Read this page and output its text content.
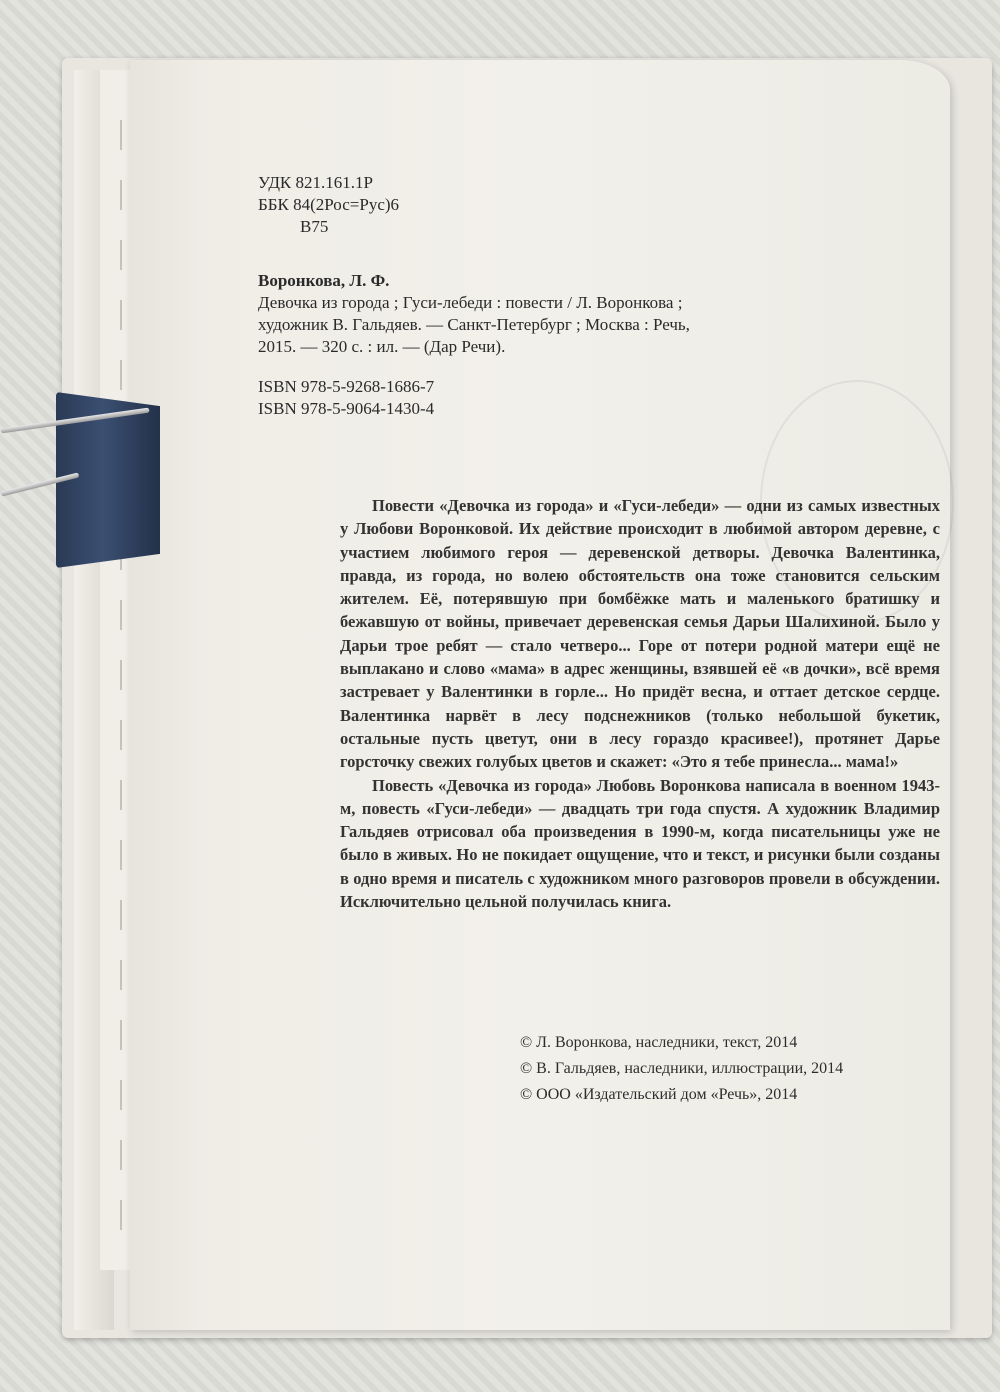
УДК 821.161.1Р
ББК 84(2Рос=Рус)6
В75
Воронкова, Л. Ф.
Девочка из города ; Гуси-лебеди : повести / Л. Воронкова ;
художник В. Гальдяев. — Санкт-Петербург ; Москва : Речь,
2015. — 320 с. : ил. — (Дар Речи).
ISBN 978-5-9268-1686-7
ISBN 978-5-9064-1430-4

Повести «Девочка из города» и «Гуси-лебеди» — одни из самых известных у Любови Воронковой. Их действие происходит в любимой автором деревне, с участием любимого героя — деревенской детворы. Девочка Валентинка, правда, из города, но волею обстоятельств она тоже становится сельским жителем. Её, потерявшую при бомбёжке мать и маленького братишку и бежавшую от войны, привечает деревенская семья Дарьи Шалихиной. Было у Дарьи трое ребят — стало четверо... Горе от потери родной матери ещё не выплакано и слово «мама» в адрес женщины, взявшей её «в дочки», всё время застревает у Валентинки в горле... Но придёт весна, и оттает детское сердце. Валентинка нарвёт в лесу подснежников (только небольшой букетик, остальные пусть цветут, они в лесу гораздо красивее!), протянет Дарье горсточку свежих голубых цветов и скажет: «Это я тебе принесла... мама!»

Повесть «Девочка из города» Любовь Воронкова написала в военном 1943-м, повесть «Гуси-лебеди» — двадцать три года спустя. А художник Владимир Гальдяев отрисовал оба произведения в 1990-м, когда писательницы уже не было в живых. Но не покидает ощущение, что и текст, и рисунки были созданы в одно время и писатель с художником много разговоров провели в обсуждении. Исключительно цельной получилась книга.

© Л. Воронкова, наследники, текст, 2014
© В. Гальдяев, наследники, иллюстрации, 2014
© ООО «Издательский дом «Речь», 2014
